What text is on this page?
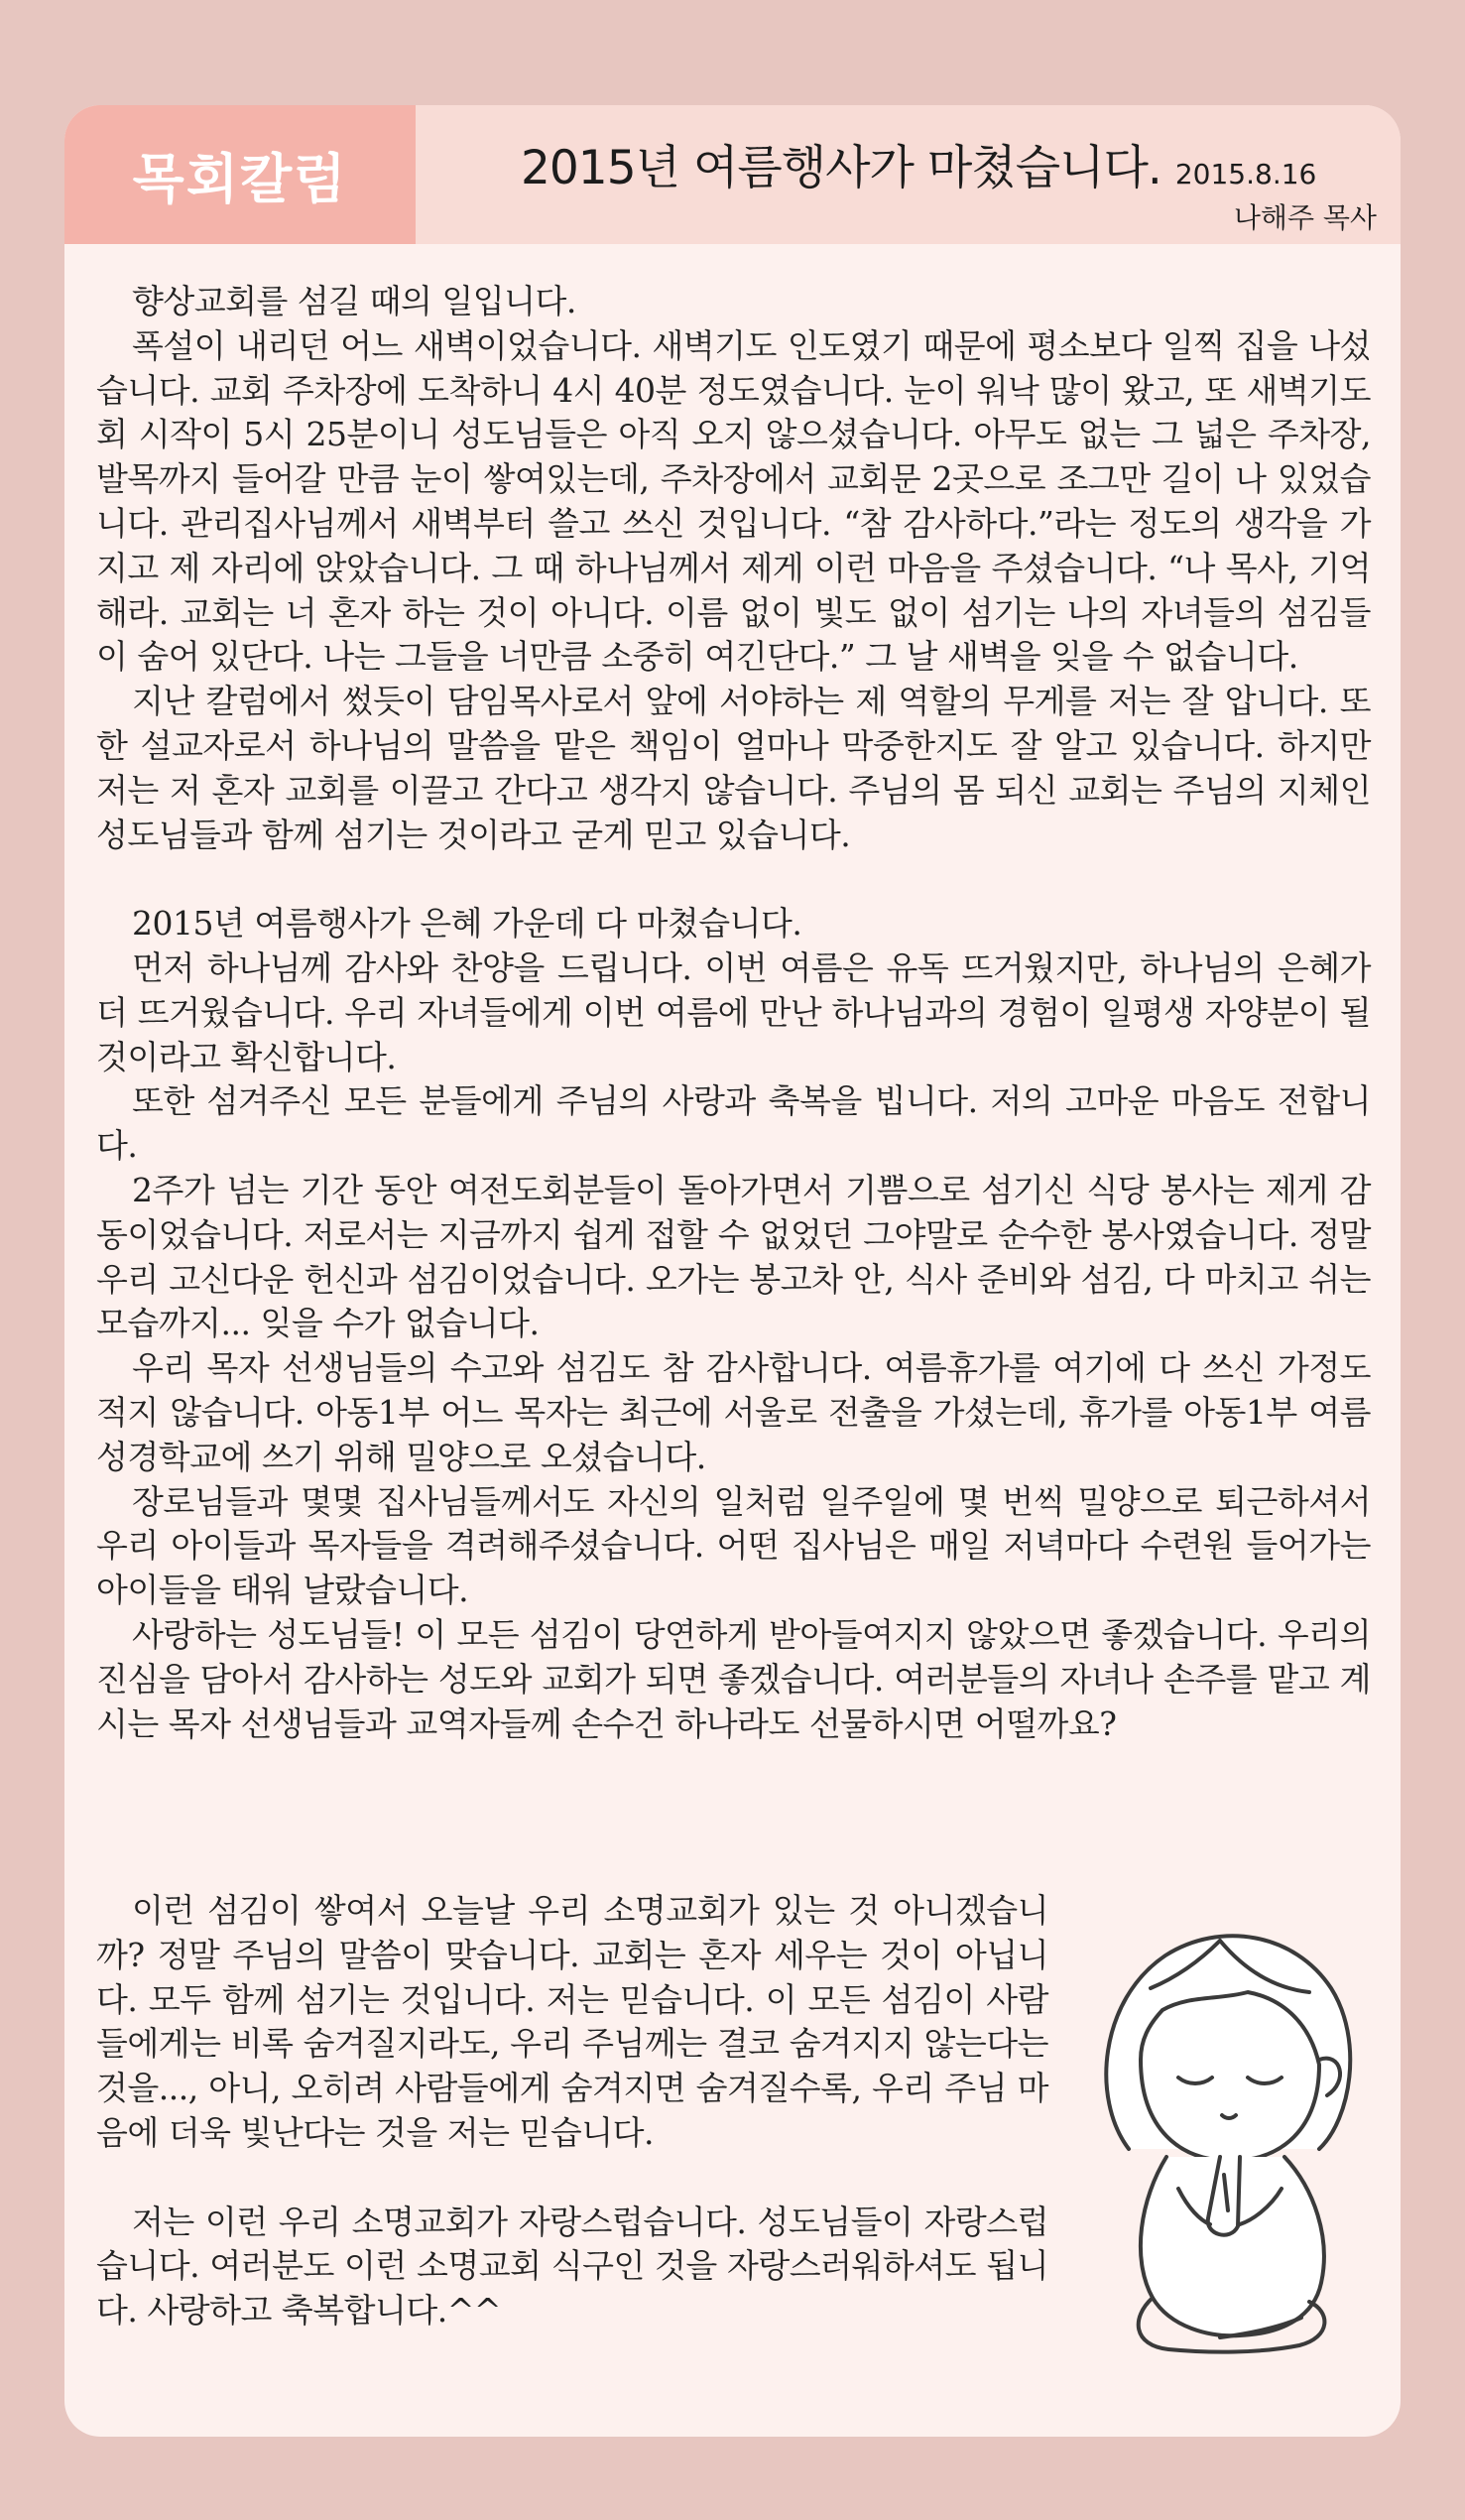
목회칼럼	2015년 여름행사가 마쳤습니다. 2015.8.16
나해주 목사

향상교회를 섬길 때의 일입니다.

폭설이 내리던 어느 새벽이었습니다. 새벽기도 인도였기 때문에 평소보다 일찍 집을 나섰습니다. 교회 주차장에 도착하니 4시 40분 정도였습니다. 눈이 워낙 많이 왔고, 또 새벽기도회 시작이 5시 25분이니 성도님들은 아직 오지 않으셨습니다. 아무도 없는 그 넓은 주차장, 발목까지 들어갈 만큼 눈이 쌓여있는데, 주차장에서 교회문 2곳으로 조그만 길이 나 있었습니다. 관리집사님께서 새벽부터 쓸고 쓰신 것입니다. “참 감사하다.”라는 정도의 생각을 가지고 제 자리에 앉았습니다. 그 때 하나님께서 제게 이런 마음을 주셨습니다. “나 목사, 기억해라. 교회는 너 혼자 하는 것이 아니다. 이름 없이 빛도 없이 섬기는 나의 자녀들의 섬김들이 숨어 있단다. 나는 그들을 너만큼 소중히 여긴단다.” 그 날 새벽을 잊을 수 없습니다.

지난 칼럼에서 썼듯이 담임목사로서 앞에 서야하는 제 역할의 무게를 저는 잘 압니다. 또한 설교자로서 하나님의 말씀을 맡은 책임이 얼마나 막중한지도 잘 알고 있습니다. 하지만 저는 저 혼자 교회를 이끌고 간다고 생각지 않습니다. 주님의 몸 되신 교회는 주님의 지체인 성도님들과 함께 섬기는 것이라고 굳게 믿고 있습니다.

2015년 여름행사가 은혜 가운데 다 마쳤습니다.

먼저 하나님께 감사와 찬양을 드립니다. 이번 여름은 유독 뜨거웠지만, 하나님의 은혜가 더 뜨거웠습니다. 우리 자녀들에게 이번 여름에 만난 하나님과의 경험이 일평생 자양분이 될 것이라고 확신합니다.

또한 섬겨주신 모든 분들에게 주님의 사랑과 축복을 빕니다. 저의 고마운 마음도 전합니다.

2주가 넘는 기간 동안 여전도회분들이 돌아가면서 기쁨으로 섬기신 식당 봉사는 제게 감동이었습니다. 저로서는 지금까지 쉽게 접할 수 없었던 그야말로 순수한 봉사였습니다. 정말 우리 고신다운 헌신과 섬김이었습니다. 오가는 봉고차 안, 식사 준비와 섬김, 다 마치고 쉬는 모습까지... 잊을 수가 없습니다.

우리 목자 선생님들의 수고와 섬김도 참 감사합니다. 여름휴가를 여기에 다 쓰신 가정도 적지 않습니다. 아동1부 어느 목자는 최근에 서울로 전출을 가셨는데, 휴가를 아동1부 여름성경학교에 쓰기 위해 밀양으로 오셨습니다.

장로님들과 몇몇 집사님들께서도 자신의 일처럼 일주일에 몇 번씩 밀양으로 퇴근하셔서 우리 아이들과 목자들을 격려해주셨습니다. 어떤 집사님은 매일 저녁마다 수련원 들어가는 아이들을 태워 날랐습니다.

사랑하는 성도님들! 이 모든 섬김이 당연하게 받아들여지지 않았으면 좋겠습니다. 우리의 진심을 담아서 감사하는 성도와 교회가 되면 좋겠습니다. 여러분들의 자녀나 손주를 맡고 계시는 목자 선생님들과 교역자들께 손수건 하나라도 선물하시면 어떨까요?

이런 섬김이 쌓여서 오늘날 우리 소명교회가 있는 것 아니겠습니까? 정말 주님의 말씀이 맞습니다. 교회는 혼자 세우는 것이 아닙니다. 모두 함께 섬기는 것입니다. 저는 믿습니다. 이 모든 섬김이 사람들에게는 비록 숨겨질지라도, 우리 주님께는 결코 숨겨지지 않는다는 것을..., 아니, 오히려 사람들에게 숨겨지면 숨겨질수록, 우리 주님 마음에 더욱 빛난다는 것을 저는 믿습니다.

저는 이런 우리 소명교회가 자랑스럽습니다. 성도님들이 자랑스럽습니다. 여러분도 이런 소명교회 식구인 것을 자랑스러워하셔도 됩니다. 사랑하고 축복합니다.^^
